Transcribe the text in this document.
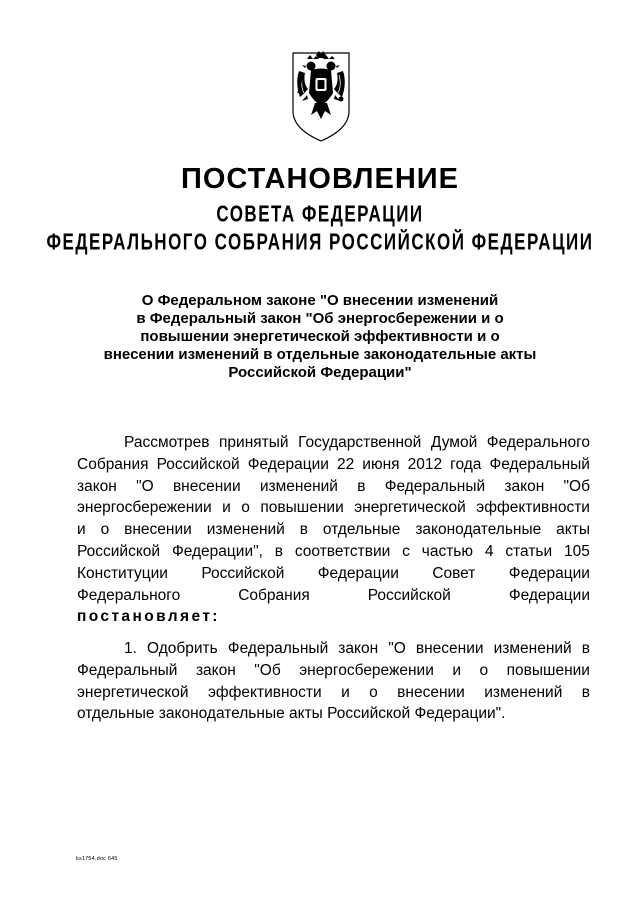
ПОСТАНОВЛЕНИЕ
СОВЕТА ФЕДЕРАЦИИ
ФЕДЕРАЛЬНОГО СОБРАНИЯ РОССИЙСКОЙ ФЕДЕРАЦИИ
О Федеральном законе "О внесении изменений
в Федеральный закон "Об энергосбережении и о
повышении энергетической эффективности и о
внесении изменений в отдельные законодательные акты
Российской Федерации"
Рассмотрев принятый Государственной Думой Федерального
Собрания Российской Федерации 22 июня 2012 года Федеральный
закон "О внесении изменений в Федеральный закон "Об
энергосбережении и о повышении энергетической эффективности
и о внесении изменений в отдельные законодательные акты
Российской Федерации", в соответствии с частью 4 статьи 105
Конституции Российской Федерации Совет Федерации
Федерального	Собрания	Российской	Федерации
постановляет:
1. Одобрить Федеральный закон "О внесении изменений в
Федеральный закон "Об энергосбережении и о повышении
энергетической эффективности и о внесении изменений в
отдельные законодательные акты Российской Федерации".
ks1754.doc 645
